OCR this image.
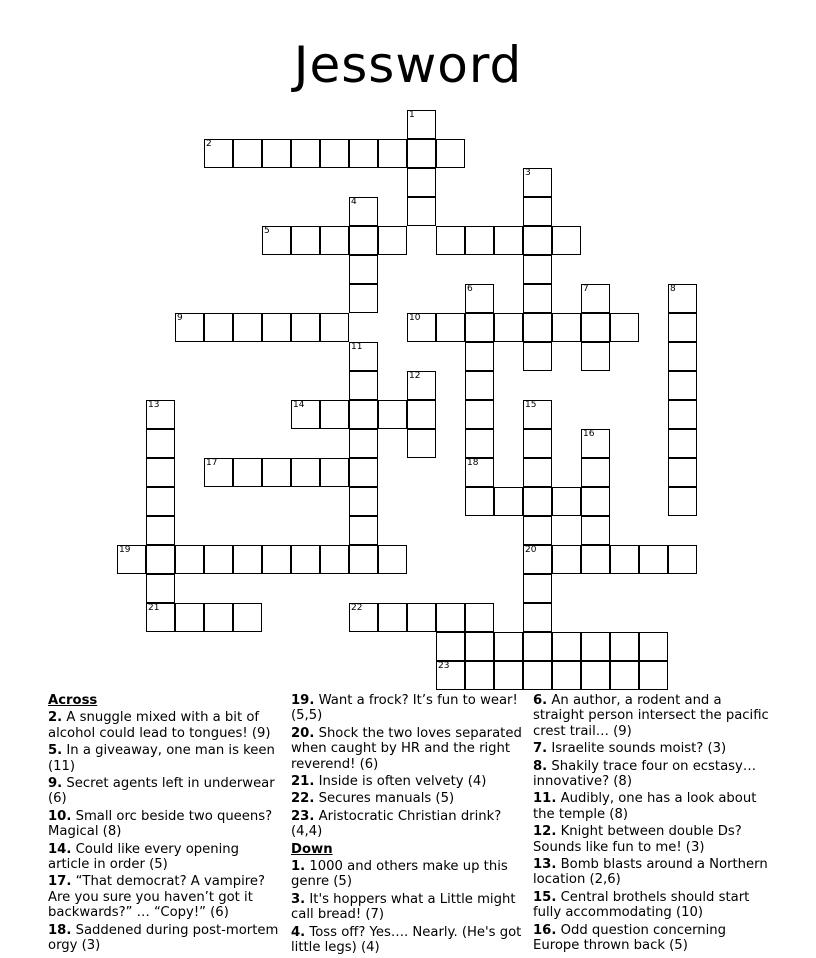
Jessword
1
2
3
4
5
6
18
7	8
9	10
11
12
14
13	15
20
16
17
19
21	22
23
Across
2. A snuggle mixed with a bit of alcohol could lead to tongues! (9)
5. In a giveaway, one man is keen (11)
9. Secret agents left in underwear (6)
10. Small orc beside two queens? Magical (8)
14. Could like every opening article in order (5)
17. “That democrat? A vampire? Are you sure you haven’t got it backwards?” … “Copy!” (6)
18. Saddened during post-mortem orgy (3)
19. Want a frock? It’s fun to wear! (5,5)
20. Shock the two loves separated when caught by HR and the right reverend! (6)
21. Inside is often velvety (4)
22. Secures manuals (5)
23. Aristocratic Christian drink? (4,4)
Down
1. 1000 and others make up this genre (5)
3. It's hoppers what a Little might call bread! (7)
4. Toss off? Yes…. Nearly. (He's got little legs) (4)
6. An author, a rodent and a straight person intersect the pacific crest trail… (9)
7. Israelite sounds moist? (3)
8. Shakily trace four on ecstasy… innovative? (8)
11. Audibly, one has a look about the temple (8)
12. Knight between double Ds? Sounds like fun to me! (3)
13. Bomb blasts around a Northern location (2,6)
15. Central brothels should start fully accommodating (10)
16. Odd question concerning Europe thrown back (5)
